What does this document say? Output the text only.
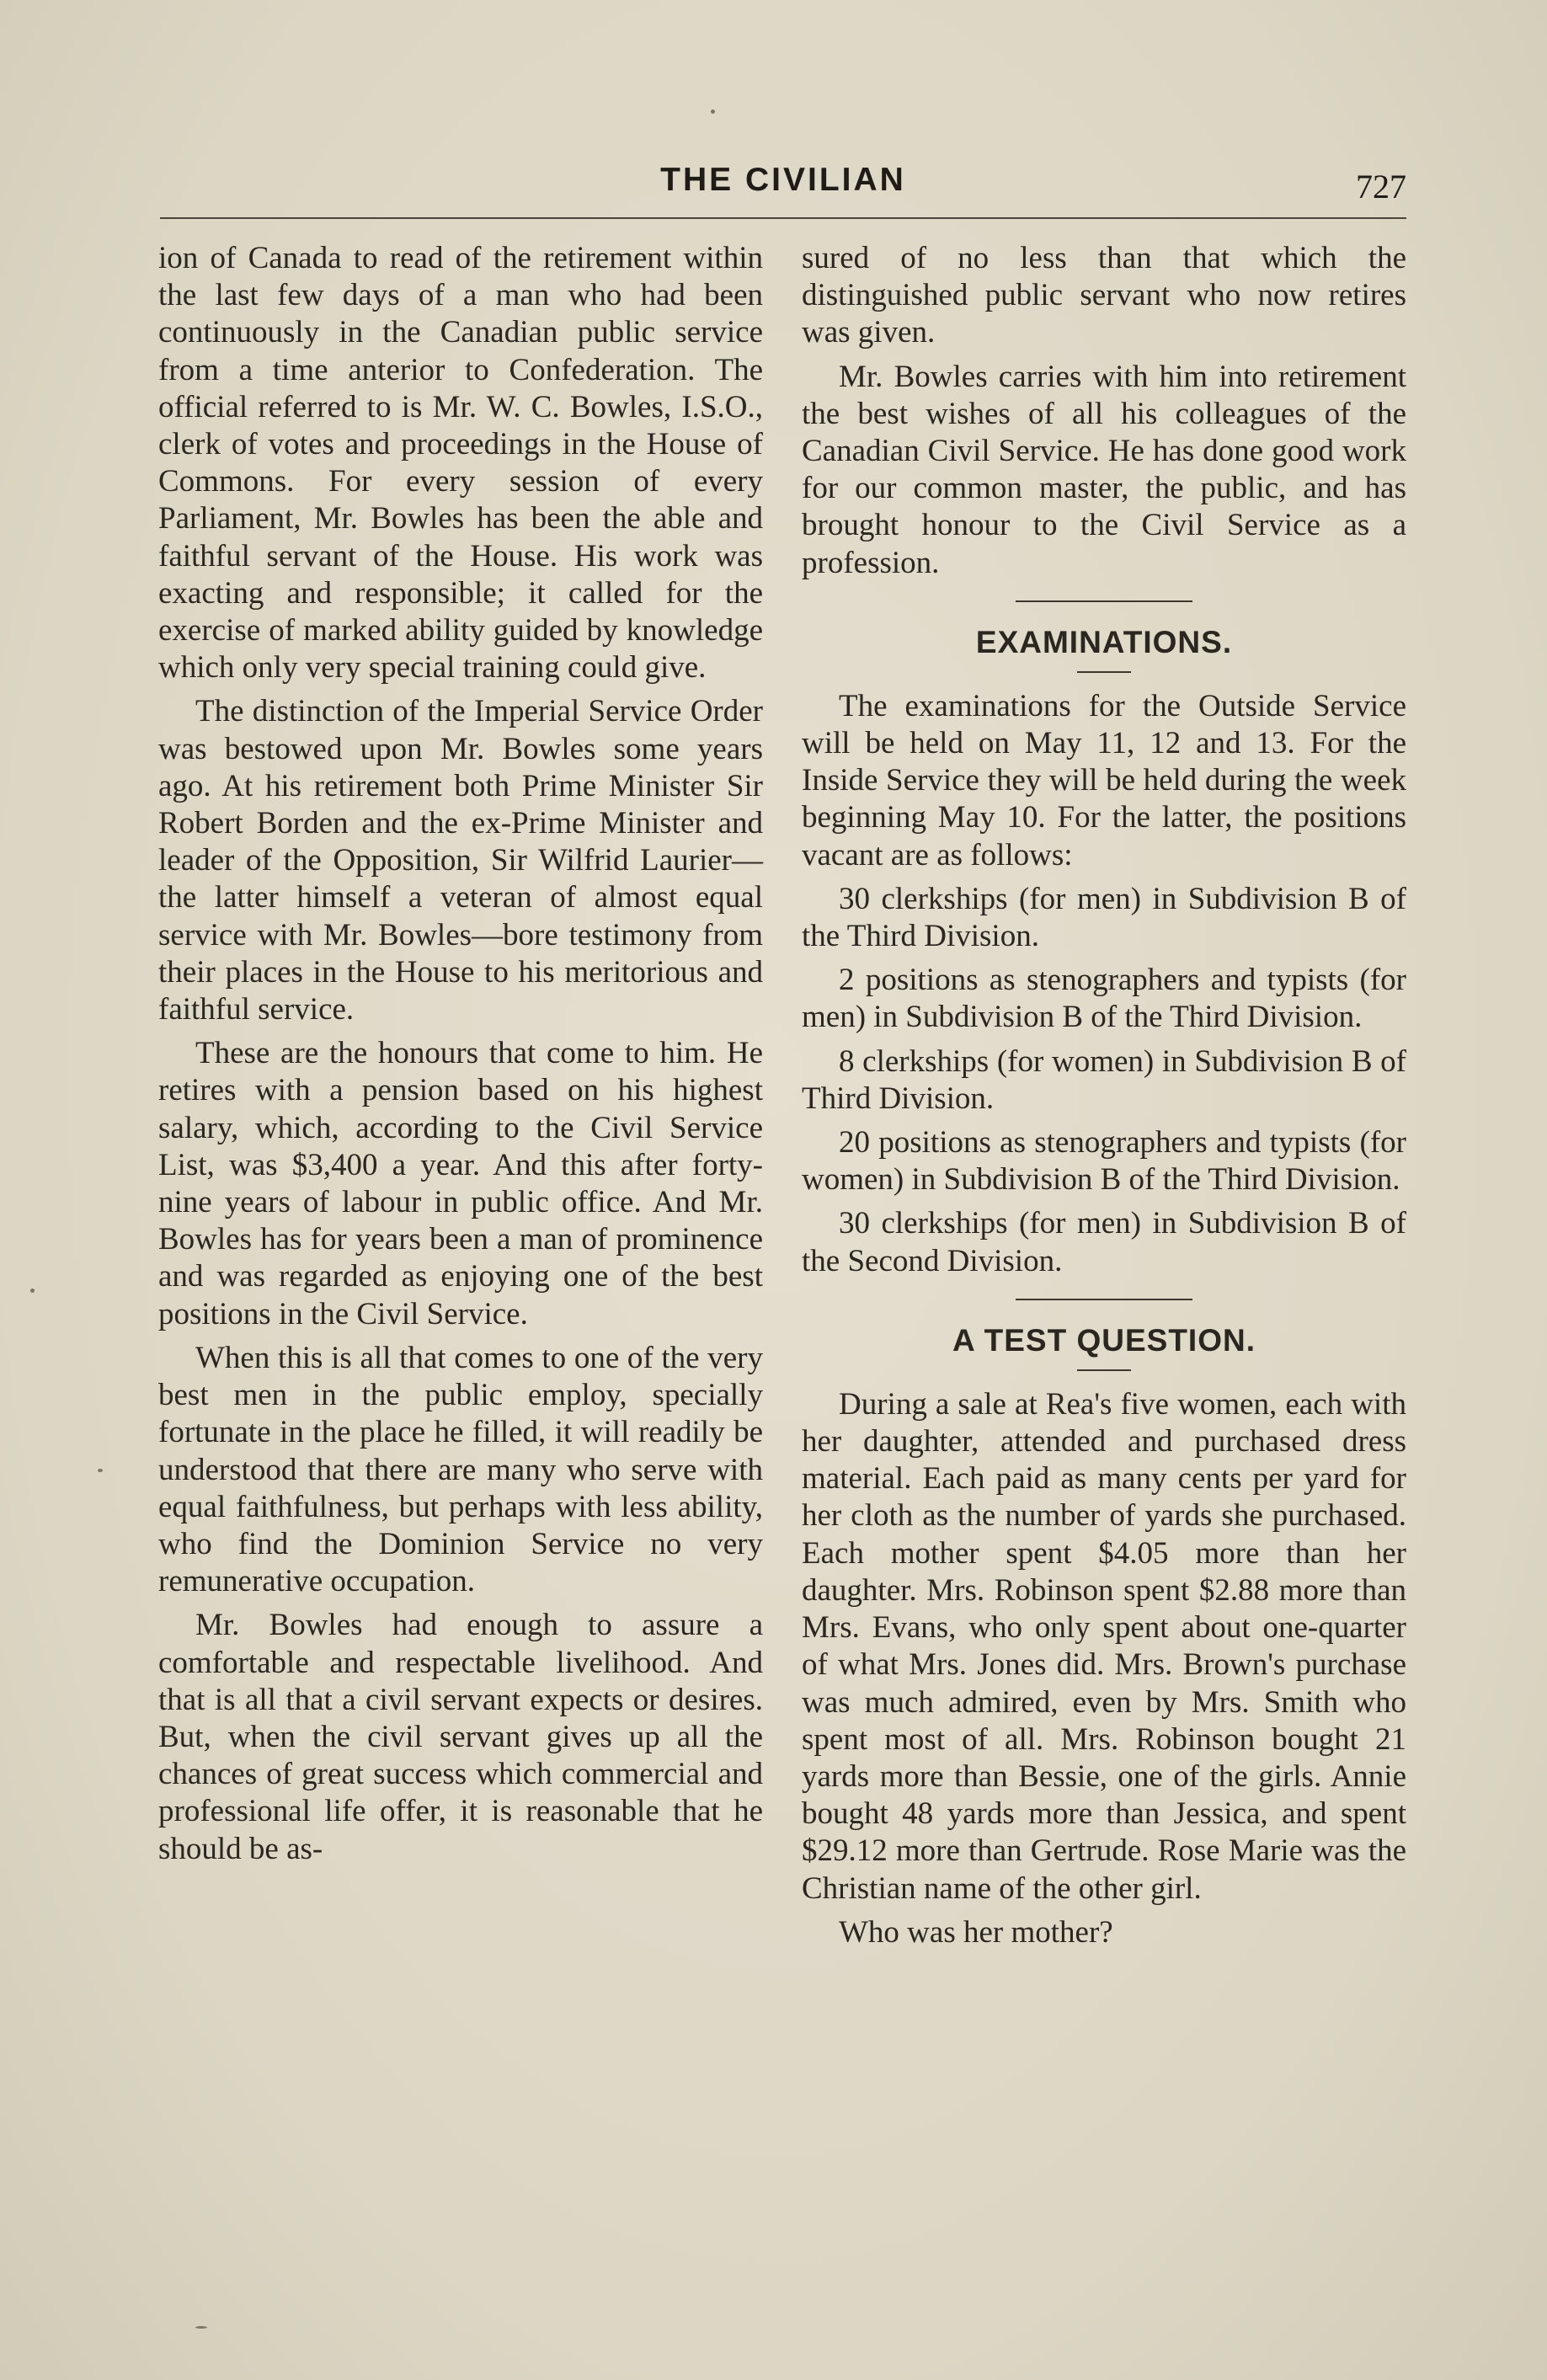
THE CIVILIAN	727

ion of Canada to read of the retirement within the last few days of a man who had been continuously in the Canadian public service from a time anterior to Confederation. The official referred to is Mr. W. C. Bowles, I.S.O., clerk of votes and proceedings in the House of Commons. For every session of every Parliament, Mr. Bowles has been the able and faithful servant of the House. His work was exacting and responsible; it called for the exercise of marked ability guided by knowledge which only very special training could give.

The distinction of the Imperial Service Order was bestowed upon Mr. Bowles some years ago. At his retirement both Prime Minister Sir Robert Borden and the ex-Prime Minister and leader of the Opposition, Sir Wilfrid Laurier—the latter himself a veteran of almost equal service with Mr. Bowles—bore testimony from their places in the House to his meritorious and faithful service.

These are the honours that come to him. He retires with a pension based on his highest salary, which, according to the Civil Service List, was $3,400 a year. And this after forty-nine years of labour in public office. And Mr. Bowles has for years been a man of prominence and was regarded as enjoying one of the best positions in the Civil Service.

When this is all that comes to one of the very best men in the public employ, specially fortunate in the place he filled, it will readily be understood that there are many who serve with equal faithfulness, but perhaps with less ability, who find the Dominion Service no very remunerative occupation.

Mr. Bowles had enough to assure a comfortable and respectable livelihood. And that is all that a civil servant expects or desires. But, when the civil servant gives up all the chances of great success which commercial and professional life offer, it is reasonable that he should be as-

sured of no less than that which the distinguished public servant who now retires was given.

Mr. Bowles carries with him into retirement the best wishes of all his colleagues of the Canadian Civil Service. He has done good work for our common master, the public, and has brought honour to the Civil Service as a profession.

EXAMINATIONS.

The examinations for the Outside Service will be held on May 11, 12 and 13. For the Inside Service they will be held during the week beginning May 10. For the latter, the positions vacant are as follows:

30 clerkships (for men) in Subdivision B of the Third Division.

2 positions as stenographers and typists (for men) in Subdivision B of the Third Division.

8 clerkships (for women) in Subdivision B of Third Division.

20 positions as stenographers and typists (for women) in Subdivision B of the Third Division.

30 clerkships (for men) in Subdivision B of the Second Division.

A TEST QUESTION.

During a sale at Rea's five women, each with her daughter, attended and purchased dress material. Each paid as many cents per yard for her cloth as the number of yards she purchased. Each mother spent $4.05 more than her daughter. Mrs. Robinson spent $2.88 more than Mrs. Evans, who only spent about one-quarter of what Mrs. Jones did. Mrs. Brown's purchase was much admired, even by Mrs. Smith who spent most of all. Mrs. Robinson bought 21 yards more than Bessie, one of the girls. Annie bought 48 yards more than Jessica, and spent $29.12 more than Gertrude. Rose Marie was the Christian name of the other girl.

Who was her mother?
